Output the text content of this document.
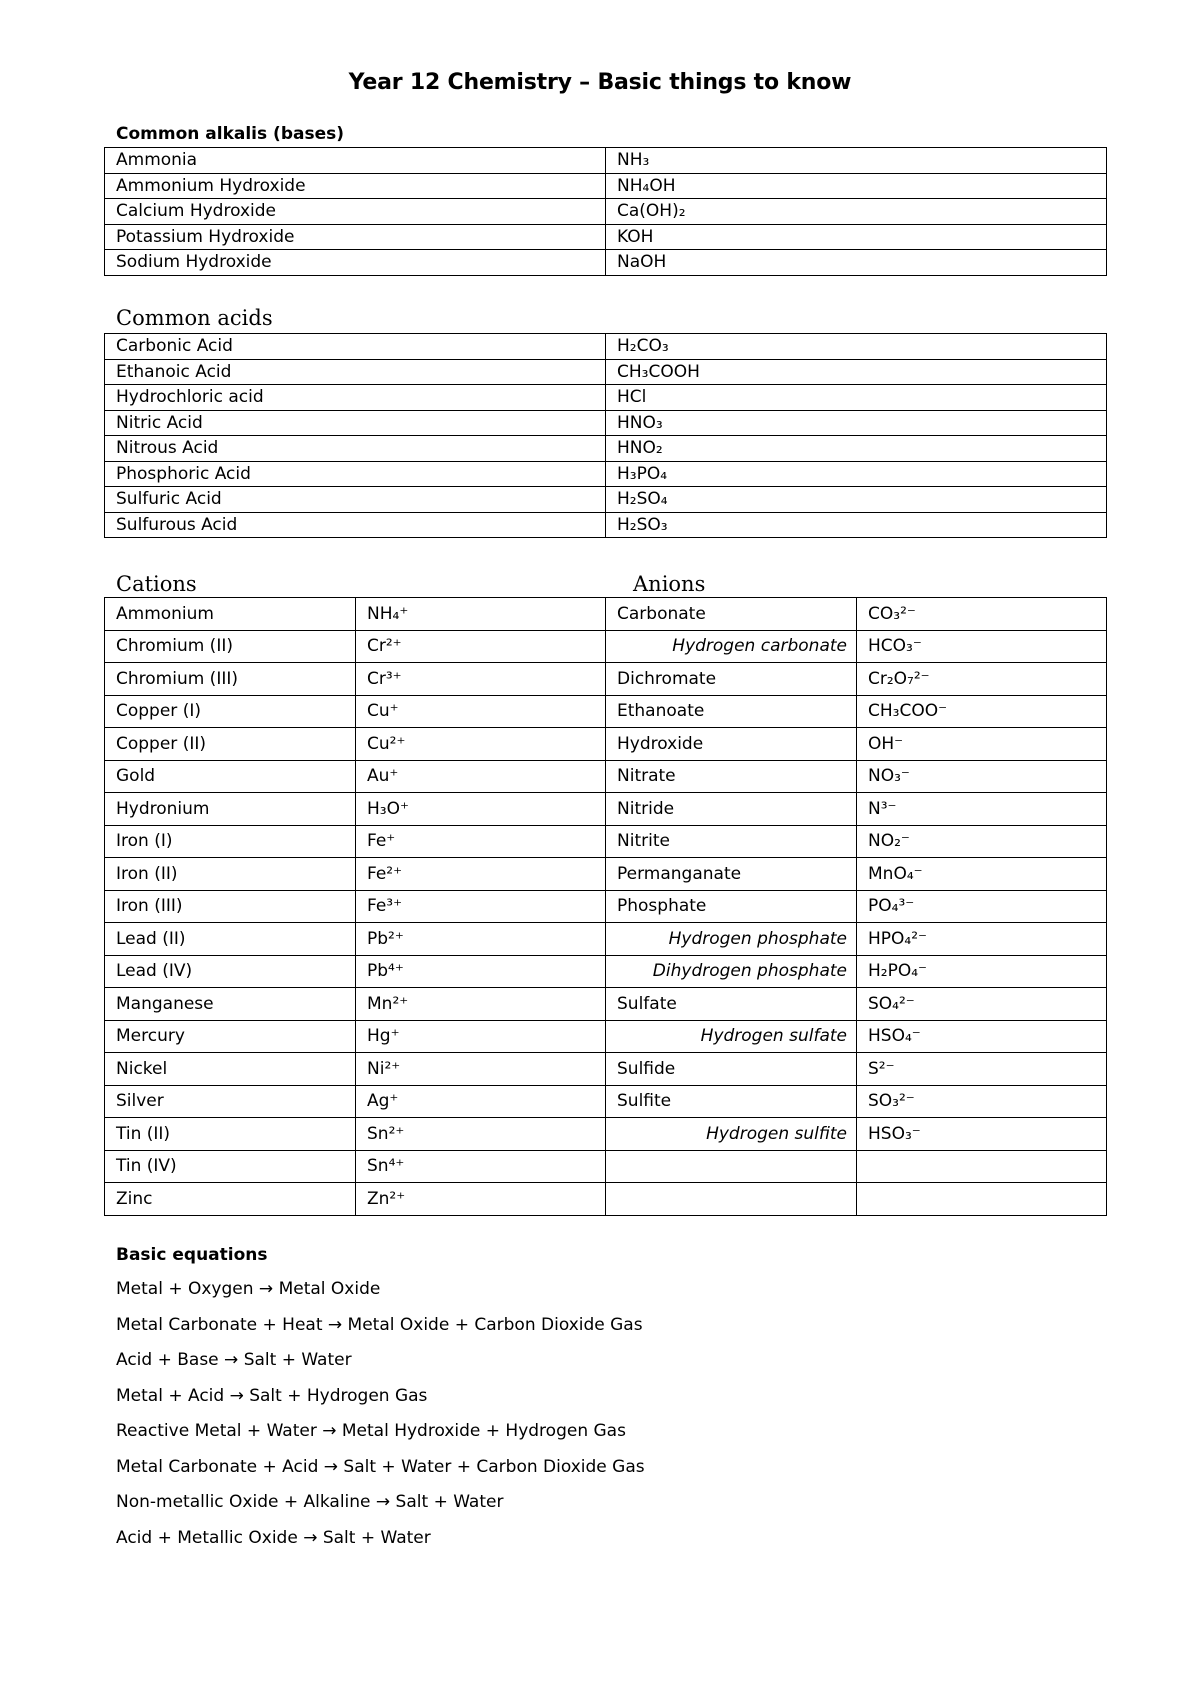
Year 12 Chemistry – Basic things to know
Common alkalis (bases)
Ammonia	NH₃
Ammonium Hydroxide	NH₄OH
Calcium Hydroxide	Ca(OH)₂
Potassium Hydroxide	KOH
Sodium Hydroxide	NaOH
Common acids
Carbonic Acid	H₂CO₃
Ethanoic Acid	CH₃COOH
Hydrochloric acid	HCl
Nitric Acid	HNO₃
Nitrous Acid	HNO₂
Phosphoric Acid	H₃PO₄
Sulfuric Acid	H₂SO₄
Sulfurous Acid	H₂SO₃
Cations	Anions
Ammonium	NH₄⁺	Carbonate	CO₃²⁻
Chromium (II)	Cr²⁺	Hydrogen carbonate	HCO₃⁻
Chromium (III)	Cr³⁺	Dichromate	Cr₂O₇²⁻
Copper (I)	Cu⁺	Ethanoate	CH₃COO⁻
Copper (II)	Cu²⁺	Hydroxide	OH⁻
Gold	Au⁺	Nitrate	NO₃⁻
Hydronium	H₃O⁺	Nitride	N³⁻
Iron (I)	Fe⁺	Nitrite	NO₂⁻
Iron (II)	Fe²⁺	Permanganate	MnO₄⁻
Iron (III)	Fe³⁺	Phosphate	PO₄³⁻
Lead (II)	Pb²⁺	Hydrogen phosphate	HPO₄²⁻
Lead (IV)	Pb⁴⁺	Dihydrogen phosphate	H₂PO₄⁻
Manganese	Mn²⁺	Sulfate	SO₄²⁻
Mercury	Hg⁺	Hydrogen sulfate	HSO₄⁻
Nickel	Ni²⁺	Sulfide	S²⁻
Silver	Ag⁺	Sulfite	SO₃²⁻
Tin (II)	Sn²⁺	Hydrogen sulfite	HSO₃⁻
Tin (IV)	Sn⁴⁺		
Zinc	Zn²⁺		
Basic equations
Metal + Oxygen → Metal Oxide
Metal Carbonate + Heat → Metal Oxide + Carbon Dioxide Gas
Acid + Base → Salt + Water
Metal + Acid → Salt + Hydrogen Gas
Reactive Metal + Water → Metal Hydroxide + Hydrogen Gas
Metal Carbonate + Acid → Salt + Water + Carbon Dioxide Gas
Non-metallic Oxide + Alkaline → Salt + Water
Acid + Metallic Oxide → Salt + Water
